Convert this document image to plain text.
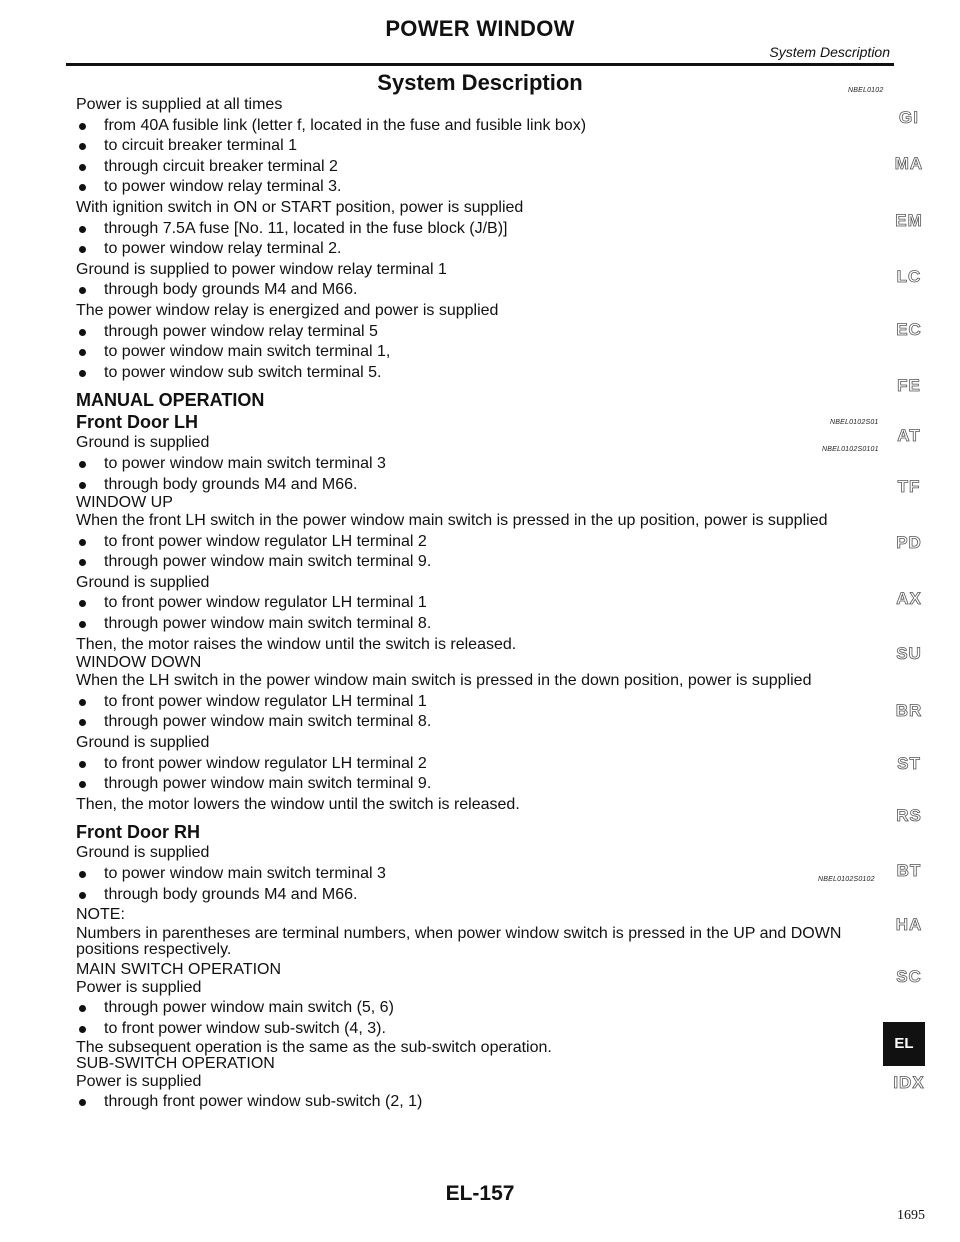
POWER WINDOW
System Description
System Description	NBEL0102
NBEL0102S01
NBEL0102S0101
NBEL0102S0102
Power is supplied at all times
from 40A fusible link (letter f, located in the fuse and fusible link box)
to circuit breaker terminal 1
through circuit breaker terminal 2
to power window relay terminal 3.
With ignition switch in ON or START position, power is supplied
through 7.5A fuse [No. 11, located in the fuse block (J/B)]
to power window relay terminal 2.
Ground is supplied to power window relay terminal 1
through body grounds M4 and M66.
The power window relay is energized and power is supplied
through power window relay terminal 5
to power window main switch terminal 1,
to power window sub switch terminal 5.
MANUAL OPERATION
Front Door LH
Ground is supplied
to power window main switch terminal 3
through body grounds M4 and M66.
WINDOW UP
When the front LH switch in the power window main switch is pressed in the up position, power is supplied
to front power window regulator LH terminal 2
through power window main switch terminal 9.
Ground is supplied
to front power window regulator LH terminal 1
through power window main switch terminal 8.
Then, the motor raises the window until the switch is released.
WINDOW DOWN
When the LH switch in the power window main switch is pressed in the down position, power is supplied
to front power window regulator LH terminal 1
through power window main switch terminal 8.
Ground is supplied
to front power window regulator LH terminal 2
through power window main switch terminal 9.
Then, the motor lowers the window until the switch is released.
Front Door RH
Ground is supplied
to power window main switch terminal 3
through body grounds M4 and M66.
NOTE:
Numbers in parentheses are terminal numbers, when power window switch is pressed in the UP and DOWN
positions respectively.
MAIN SWITCH OPERATION
Power is supplied
through power window main switch (5, 6)
to front power window sub-switch (4, 3).
The subsequent operation is the same as the sub-switch operation.
SUB-SWITCH OPERATION
Power is supplied
through front power window sub-switch (2, 1)
GI
MA
EM
LC
EC
FE
AT
TF
PD
AX
SU
BR
ST
RS
BT
HA
SC
IDX
EL
EL-157
1695
